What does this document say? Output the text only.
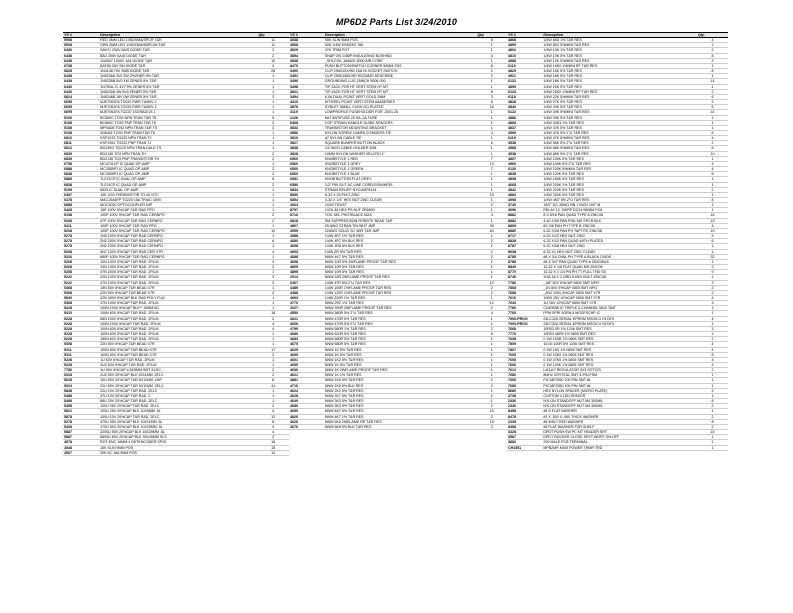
MP6D2 Parts List 3/24/2010
YS #	Description	Qty.
5908	RED 3MM LED 1V8/20MA/SPCR T&R	11
5908	GRN 3MM LED 1V8/20MA/50PC/IN T&R	11
6436	SAV21 200V 6A/S DIODE T&R	2
6438	BA2 200V 6A/D DIODE T&R	2
6438	1N4007 1000V 1A4 DIODE T&R	10
6738	BAT85 30V SM DIODE T&R	3
6828	1N4148 75V SMB DIODE T&R	28
6438	1N5236A 3V0 2W 2%ZNER 5% T&R	1
6438	1N5235B 5V0 1W ZENER 5% T&R	1
6440	1N750A-TL 4V7 5% ZENER 5% T&R	1
6440	1N5240A 4W 5V0 ZENER 5% T&R	1
6824	1N5246B 16V 0W ZENER 5% T&R	3
6695	MJE7061FA TO220 PWR 7A/60V 1	1
6695	MJE7061FA TO220 PWR 7A/60V 1	1
6695	MJE7061FA TO220 1SGRAD/1S 1	1
5100	BC550C TO92 NPN TRAN T&R T8	5
5108	BC560C TO92 PNP TRAN T&R T8	2
5108	MPSA06 TO92 NPN TRAN T&R TS	3
5108	2N5401 TO92 PNP TRAN T&R T8	1
6810	KSP1033 TO220 NPN TRAN TJ	1
6811	KSP1051 TO220 PNP TRAN TJ	1
6812	BD139/2 TO220 NPN TRAN DALE TS	1
6839	BD2136 TO3 NPN TRAN TH	2
6839	BD2136 TO3 PNP TRANSISTOR TH	2
6798	MC4741CP IC QUAD OP-AMP	1
6888	MC3559P1 IC QUAD OP-AMP	2
6848	MC3559P1 IC QUAD OP-AMP	3
6889	TL072CP IC DUAL OP-AMP	6
6838	TL074CP IC QUAD OP-AMP	2
5199	5533 IC DUAL OP-AMP	1
6497	10K 10% THERMISTOR TO-92 NTC	1
6478	MAC15A6FP TO220 15A TRIAC 400V	1
6888	MOC3020 OPTOCOUPLER DIP	1
5428	15P 100V 5%CAP T&R RAD PPO	1
5198	100P 100V 5%CAP T&R RAD CERNPO	2
5208	47P 100V 5%CAP T&R RAD CERNPO	2
5411	100P 100V 5%CAP T&R RAD PPO	1
5208	100P 100V 5%CAP T&R RAD CERNPO	10
5278	1N0 100V 5%CAP T&R RAD CERNPO	1
5278	2N2 200V 5%CAP T&R RAD CERNPO	6
5278	2N2 100V 5%CAP T&R RAD CERNPO	1
5208	4N7 100V 5%CAP T&R RAD CER X7R	4
5316	680P 100V 5%CAP T&R RAD CERNPO	1
5208	10N 100V 5%CAP T&R RAD .2FILM	3
5208	10N 100V 5%CAP T&R RAD .2FILM	2
5208	47N 200V 5%CAP T&R RAD .2FILM	1
5222	22N 100V 5%CAP T&R RAD .2FILM	3
5222	47N 100V 5%CAP T&R RAD .2FILM	3
5368	15N 50V 5%CAP T&R BEAD X7R	1
5368	22N 50V 5%CAP T&R BEAD X7R	2
5840	22N 400V 5%CAP BLK RAD POLY FLM	1
5368	47N 100V 5%CAP T&R RAD .2FILM	1
5418	100N 100V 5%CAP BLK** 10MM AC	1
5410	100N 63V 5%CAP T&R RAD .2FILM	18
5228	68N 100V 5%CAP T&R RAD .2FILM	2
5228	100N 100V 5%CAP T&R RAD .2FILM	4
5228	100N 63V 5%CAP T&R RAD .2FILM	4
5228	100N 63V 5%CAP T&R RAD .2FILM	1
5228	150N 63V 5%CAP T&R RAD .2FILM	1
5308	22N 50V 5%CAP T&R BEAD X7R	1
5311	100N 50V 5%CAP T&R BEAD X7R	17
5311	100N 50V 5%CAP T&R BEAD X7R	2
5228	1U 63V 5%CAP T&R RAD .2FILM	1
5228	2U2 63V 5%CAP T&R RAD .2FILM	1
7780	1U 50V 5%CAP 4.5X5MM SMT ELEC	2
5318	2U2 50V 20%CAP BLK 5X11MM .2ELC	2
5628	10U 50V 20%CAP T&R 5X11MM .2NP	8
5624	22U 50V 20%CAP T&R 5X11MM .2ELC	41
5848	22U 10V 20%CAP T&R RAD .2ELC	1
5488	47U 10V 20%CAP T&R RAD .2	1
5488	68U 25V 20%CAP T&R RAD .2ELC	1
5498	100U 35V 20%CAP T&R RAD .2ELC	2
5821	100U 25V 20%CAP BLK 10X5MM .5L	4
5878	100U 10V 20%CAP T&R RAD .2ELC	12
5278	470U 35V 20%CAP BLK 10X11MM .5L	6
5408	470U 50V 20%CAP BLK 10X20MM .5L	4
5887	2200U 50V 20%CAP BLK 16X25MM .5L	4
5887	6800U 80V 20%CAP BLK 35X45MM SLS	2
4578	ROT ENC 16MM 4 DETENCODER SP20	18
4548	10K SLIN 9MM POS	15
4567	20K 5C 18A 9MM POS	12
YS #	Description	Qty.
4538	50K SLIN 9MM POS	8
4568	50K 1/4W 5%DENT SM	1
4529	47K TRIM POT	1
3854	SNAP ON 1/4MP INSULATING BUSHING	4
3838	_SHLCOIL 16AWG 5000 AIR CORE	1
8470	PUSH BUTTON/SWITCH CORNER 50MM SSS	8
3490	CLIP 2S6015X/HD 15A HI SOCKET SWITCH	2
3491	CLIP 2S60156X/HD SS/2AMG DESCRIBE	2
3496	GROUNDING LUG 25INCH 5006-000	1
3498	TIP JACK FOR HT VERT STEM HT MT	1
3821	TIP JACK FOR HT VERT STEM HT MT	8
3494	6.0A DUAL PC/MT VERT GOLD 2MM	3
4310	KIT/KEEL PC/MT VERT STEM AA6SERIES	6
3878	SYBLET SMALL CUSH GD PLATED	16
3119	LOWPROFILE FUSEHOLDER FOR .25X1.25	1
2126	6A7 ANTIFUSE 20 SA .2A FUSE	1
8468	COP STRAIN HANDLE GUIDE SPACERS	1
3833	TRANSISTOR MOUNTING BRACKET	1
3856	NYLON SCREW 1/4MPA D ENDERS TIE	4
3810	#7 NYLON CABLE TIE	1
3827	SQUARE BUMPER BUTTON BLACK	6
3838	1/2 INCH CABLE HOLDER 2M8	1
3828	10MM NYLON WASHER VELCRO 1"	1
6560	KNOBSTYLE 1 RED	7
6560	KNOBSTYLE 1 GREY	13
6560	KNOBSTYLE 1 GREEN	7
6560	KNOBSTYLE 1 BLUE	1
6581	KNOB BUTTON FLAT GREY	1
6580	1/2" PIN SLIT AC LINE CORD/2X5WHEEL	1
3834	STRAIN RELIEF NYC/ADP6114	1
8850	6-32 X.25 PHLT ZINC	23
6854	4-32 X 1/4" HEX NUT ZINC CLEAR	1
4664	10/92 TRUST	2
8797	1/4"6-46 HEX PS NUT ZR6600	1
5716	TOG SEL PHOTBLACE MZA	4
3818	SM SUPPRESSION FERRITE BEAD T&R	1
4807	25 AWG STRAN TIN WHT JMP	39
4599	22AWG SOLID SC WIR T&R JMP	64
4588	1/4W 4R7 1% T&R RES	1
4680	1/4W 4R7 5% BLK RES	2
4698	1/4W 1R8 5% BLK RES	1
4693	1/4W 2R 5% T&R RES	2
4688	NNW 4K7 5% T&R RES	2
4698	NNW 10R 5% 2WFLAME PROOF T&R RES	1
4805	NNW 10R 5% T&R RES	1
4895	NNW 10R 5% T&R RES	1
2014	NNW 33R 2WFLAME PROOF T&R RES	1
6467	1/4W 47R 5% 2"U T&R RES	12
4489	1/4W 100R 1%FLAME PROOF T&R RES	2
4488	1/4W 120R 1%FLAME PROOF T&R RES	2
4693	1/4W 220R 1% T&R RES	1
4770	NNW 2R2 1% T&R RES	12
2027	NNW 390R 2WFLAME PROOF T&R RES	2
4550	NNW 560R 5% 2"U T&R RES	4
4621	NNW 470R 5% T&R RES	1
4606	NNW 470R 5% 2"U T&R RES	1
4799	NNW 560R 1% T&R RES	2
4686	NNW 620R 5% T&R RES	6
4683	NNW 680R 5% T&R RES	1
4675	NNW 680R 5% T&R RES	1
4629	NNW 1K 5% T&R RES	1
4699	NNW 1K 5% T&R RES	1
4601	NNW 1K2 5% T&R RES	1
4655	NNW 1K 5% T&R RES	1
4636	NNW 1K 2WFLAME PROOF T&R RES	1
4621	NNW 1K 1% T&R RES	1
4881	NNW 1K5 5% T&R RES	2
4716	NNW 1K5 5% BLK RES	2
4624	NNW 2K2 5% T&R RES	1
4628	NNW 2K7 5% T&R RES	1
4649	NNW 3K3 5% T&R RES	1
4686	NNW 3K3 5% T&R RES	2
4690	NNW 4K7 5% T&R RES	15
4826	NNW 4K7 1% T&R RES	2
4626	NNW 5K6 2WFLAME RE T&R RES	15
4676	NNW 6K8 5% BLK T&R RES	2
YS #	Description	Qty.
4808	1/4W 6K8 1% T&R RES	4
4890	1/4W 8K2 5%MINI T&R RES	1
4802	1/4W 10K 1% T&R RES	2
4810	1/4W 10K 5% T&R RES	8
4988	1/4W 12K 5%MINI T&R RES	3
6110	1/4W 15K0 1%MINI RF T&R RES	1
4829	1/4W 15K 5% T&R RES	8
4921	1/4W 18K 5% T&R RES	1
6122	1/4W 18K 5% T&R RES	14
4895	1/4W 20K 5% T&R RES	1
6123	1/4W 20K0 1%MINI RF T&R RES	2
6118	1/4W 22K 5%MINI T&R RES	6
4828	1/4W 27K 5% T&R RES	2
4840	1/4W 33K 5% T&R RES	6
6122	1/4W 39K 5%MINI T&R RES	14
4886	1/4W 39K 5% T&R RES	1
4868	1/4W 43K3 1% T&R RES	1
4837	1/4W 47K 5% T&R RES	1
4599	1/4W 47K 5% 2"U T&R RES	6
6119	1/4W 47K 5%MINI T&R RES	4
4538	1/4W 56K 5% 2"U T&R RES	2
4588	1/4W 68K 5%MINI T&R RES	6
4538	1/4W 68K 5% 2"U T&R RES	10
4807	1/4W 100K 5% T&R RES	1
4960	1/4W 100K 5% 2"U T&R RES	4
6120	1/4W 100K 5%MINI T&R RES	4
4838	1/4W 120K 5% T&R RES	8
4838	1/4W 150K 5% T&R RES	1
4668	1/4W 200K 1% T&R RES	1
4842	1/4W 220K 5% T&R RES	2
4883	1/4W 330K 5% T&R RES	1
4998	1/4W 4M7 5% 2"U T&R RES	8
3740	15/2" DC-35WG RB 1 INCH 100" M	1
3696	RELAY 1C SWRP DC24 0806M PC6	1
8882	8 X 5/16 PAN QUAD TYPE A ZINC08	16
8882	4-40 X3/8 PAN PHIL MS SPCR BLK	10
8809	8X 3/8 PAN PH TYPE B ZINC08	4
8880	6-32 X3/8 PAN PH TAPTITE ZINC08	10
8717	6-32 X1/2 HEX NUT ZINC	5
8828	6-32 X1/2 PAN QUAD WITH PLATED	6
8787	6-32 X3/8 HEX NUT ZINC	1
8038	6-32 X1 HEX NUT ZINC CLEAR	1
8785	#8 X 3/4 OVAL PH TYPE A BLACK OXIDE	32
8788	#8 X 3/4" PAN QUAD TYPE A ZINC0BLK	1
8840	10-32 X 1/8 FLAT QUAD MS ZINC08	2
8770	10-32 X 1 1/4 PN PH TT FULL THD SS	9
8740	3/16-18 X 2 GRD 8 HEX BOLT ZINC08	1
7786	_16F 50V 5%CAP 0805 SMT NPO	3
7868	_1N 50V 5%CAP 0805 SMT NPO	2
7688	_2N2 100V 5%CAP 0805 SMT X7R	2
7610	100N 25V 10%CAP 0805 SMT X7R	4
7643	1U 16V 10%CAP 0805 SMT X7R	3
7780	CD4053B IC TRIPLE 2-CHANNEL MUX SMT	1
7760	FPM SPRI 3GRN 8 MOSFSCHP IC	1
7900-PROG	24LC32A SERIAL EPROM MSOIC4 Y8 DFX	4
7900-PROG	24LC32A SERIAL EPROM MSOIC4 Y8 DFX	1
7668	10R02 0R 1% 1206 SMT RES	3
7776	10R03 46R9 1% 0805 SMT RES	1
7638	0 1W 100R 1% 0805 SMT RES	2
7809	10.00 100R 5% 1206 SMT RES	4
7807	0 1W 1K0 1% 0805 SMT RES	4
7605	0 1W 10K0 1% 0805 SMT RES	8
7605	0 1W 47K5 1% 0805 SMT RES	4
7606	0 1W 100K 1% 0805 SMT RES	4
7612	LM1117 REGULATOR 3V3 SOT223	2
7680	8MHz CRYSTAL SMT 4-PIN FSM	1
7606	PIC18F2550 100 PIN SMT 8L	1
7686	PIC18F2550 100 PIN SMT 8L	1
8680	HEX NYLON SPACER (MICRO PLATE)	3
3738	CUSTOM 4 LED SPACER	1
2336	NYLON STANDOFF NUT M4 300MIL	8
2336	NYLON STANDOFF NUT M4 300MIL	2
8458	#8 S FLAT WASHER	1
8478	#3 X .500 X .060 THICK WASHER	2
2235	#6 WSLT RED WASHER	8
8468	#8 FLAT WASHER FOR SHELF	2
3428	DPDT PUSH SW PC MT HEADER SHT	15
3587	DPDT ROCKER CLOSE SPST WOFF ON-OFF	1
3882	200 MALE PCB TERMINAL	2
CH1551	MPB2MP-K005 POWER TRMR TRD	1
